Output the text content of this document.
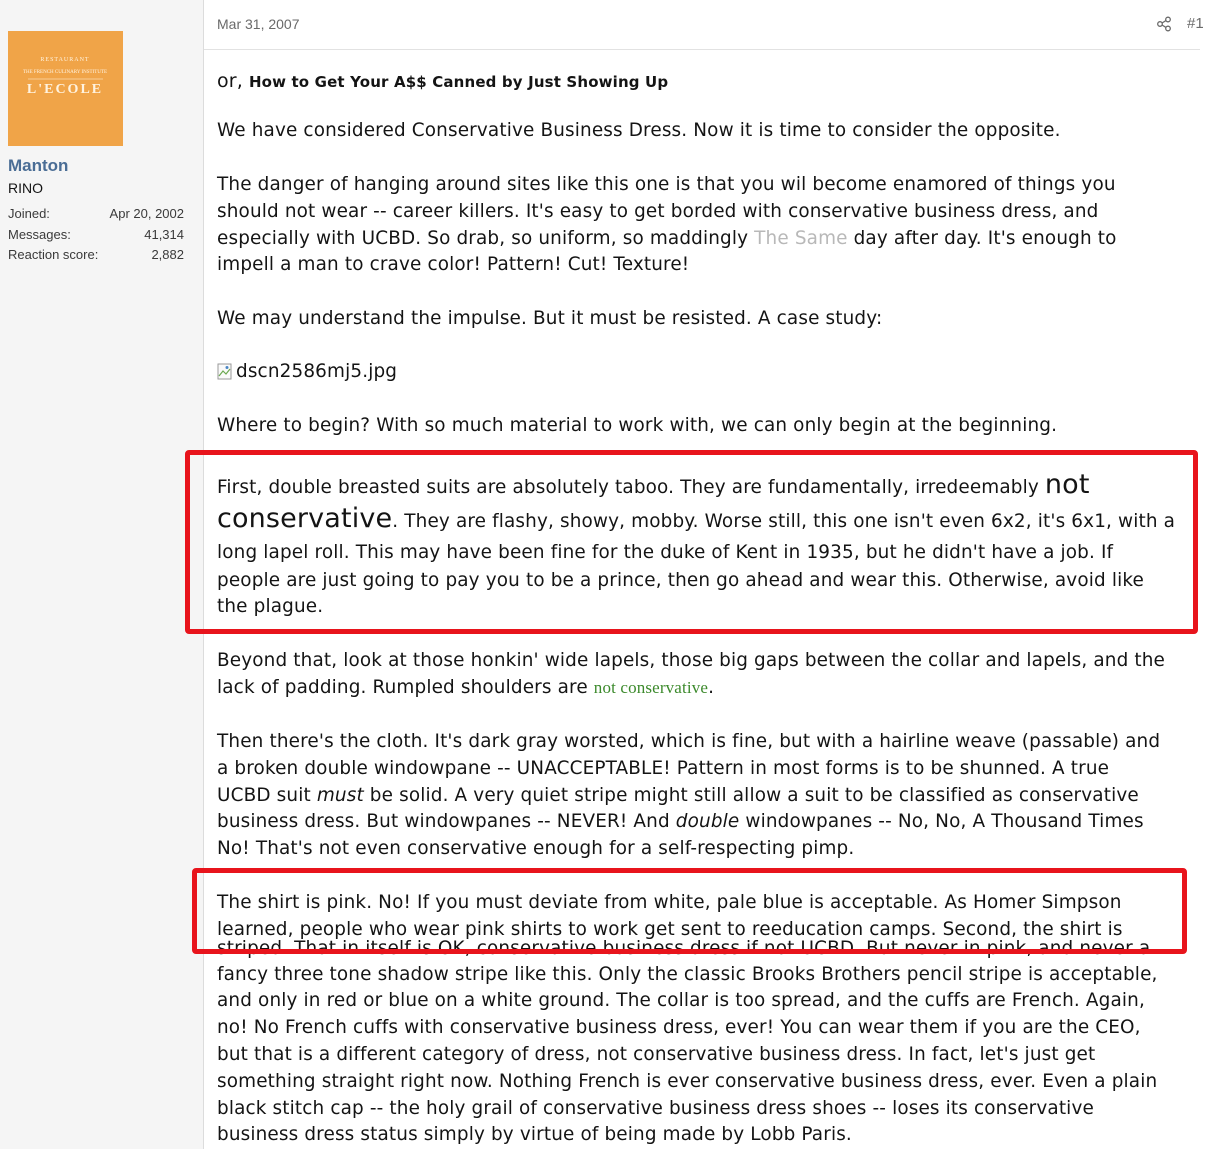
RESTAURANT
THE FRENCH CULINARY INSTITUTE
L'ECOLE
Manton
RINO
Joined:	Apr 20, 2002
Messages:	41,314
Reaction score:	2,882
Mar 31, 2007	#1
or, How to Get Your A$$ Canned by Just Showing Up
We have considered Conservative Business Dress. Now it is time to consider the opposite.
The danger of hanging around sites like this one is that you wil become enamored of things you
should not wear -- career killers. It's easy to get borded with conservative business dress, and
especially with UCBD. So drab, so uniform, so maddingly The Same day after day. It's enough to
impell a man to crave color! Pattern! Cut! Texture!
We may understand the impulse. But it must be resisted. A case study:
dscn2586mj5.jpg
Where to begin? With so much material to work with, we can only begin at the beginning.
First, double breasted suits are absolutely taboo. They are fundamentally, irredeemably not
conservative. They are flashy, showy, mobby. Worse still, this one isn't even 6x2, it's 6x1, with a
long lapel roll. This may have been fine for the duke of Kent in 1935, but he didn't have a job. If
people are just going to pay you to be a prince, then go ahead and wear this. Otherwise, avoid like
the plague.
Beyond that, look at those honkin' wide lapels, those big gaps between the collar and lapels, and the
lack of padding. Rumpled shoulders are not conservative.
Then there's the cloth. It's dark gray worsted, which is fine, but with a hairline weave (passable) and
a broken double windowpane -- UNACCEPTABLE! Pattern in most forms is to be shunned. A true
UCBD suit must be solid. A very quiet stripe might still allow a suit to be classified as conservative
business dress. But windowpanes -- NEVER! And double windowpanes -- No, No, A Thousand Times
No! That's not even conservative enough for a self-respecting pimp.
The shirt is pink. No! If you must deviate from white, pale blue is acceptable. As Homer Simpson
learned, people who wear pink shirts to work get sent to reeducation camps. Second, the shirt is
striped. That in itself is OK, conservative business dress if not UCBD. But never in pink, and never a
fancy three tone shadow stripe like this. Only the classic Brooks Brothers pencil stripe is acceptable,
and only in red or blue on a white ground. The collar is too spread, and the cuffs are French. Again,
no! No French cuffs with conservative business dress, ever! You can wear them if you are the CEO,
but that is a different category of dress, not conservative business dress. In fact, let's just get
something straight right now. Nothing French is ever conservative business dress, ever. Even a plain
black stitch cap -- the holy grail of conservative business dress shoes -- loses its conservative
business dress status simply by virtue of being made by Lobb Paris.
